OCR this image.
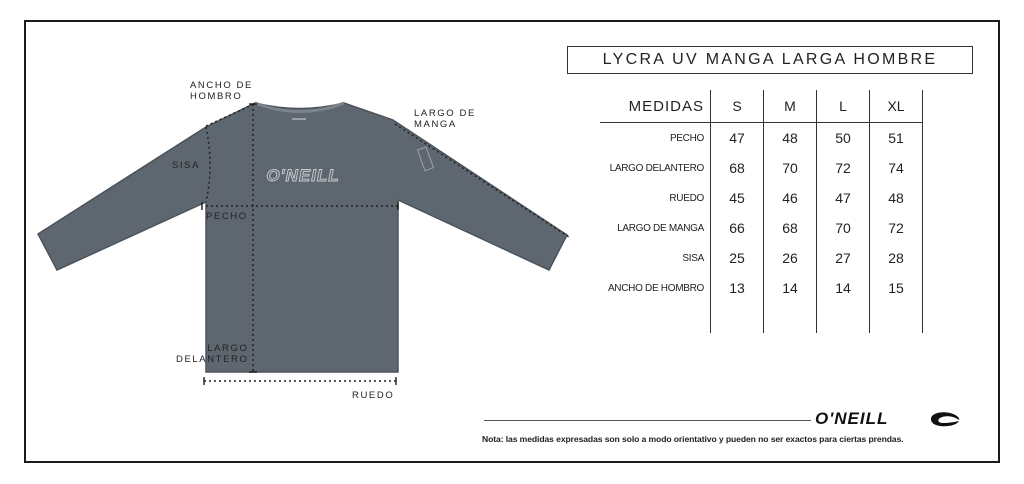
O'NEILL
ANCHO DE
HOMBRO
LARGO DE
MANGA
SISA
PECHO
LARGO
DELANTERO
RUEDO
LYCRA UV MANGA LARGA HOMBRE
MEDIDAS	S	M	L	XL
PECHO	47	48	50	51
LARGO DELANTERO	68	70	72	74
RUEDO	45	46	47	48
LARGO DE MANGA	66	68	70	72
SISA	25	26	27	28
ANCHO DE HOMBRO	13	14	14	15

O'NEILL
Nota: las medidas expresadas son solo a modo orientativo y pueden no ser exactos para ciertas prendas.
